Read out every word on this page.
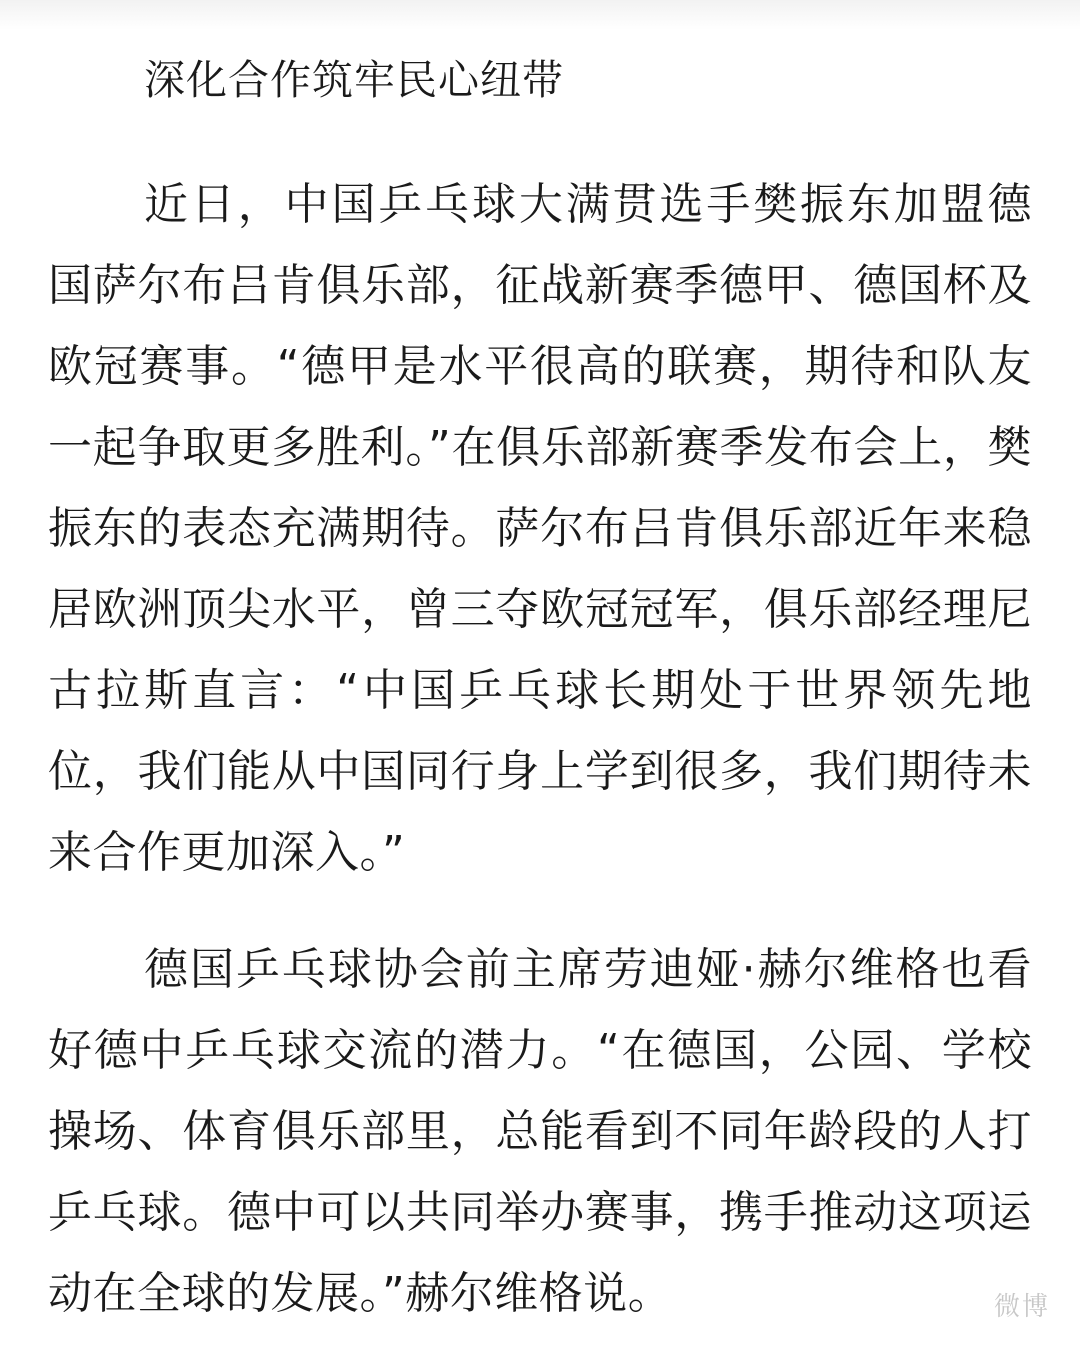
深化合作筑牢民心纽带

近日，中国乒乓球大满贯选手樊振东加盟德国萨尔布吕肯俱乐部，征战新赛季德甲、德国杯及欧冠赛事。“德甲是水平很高的联赛，期待和队友一起争取更多胜利。”在俱乐部新赛季发布会上，樊振东的表态充满期待。萨尔布吕肯俱乐部近年来稳居欧洲顶尖水平，曾三夺欧冠冠军，俱乐部经理尼古拉斯直言：“中国乒乓球长期处于世界领先地位，我们能从中国同行身上学到很多，我们期待未来合作更加深入。”

德国乒乓球协会前主席劳迪娅·赫尔维格也看好德中乒乓球交流的潜力。“在德国，公园、学校操场、体育俱乐部里，总能看到不同年龄段的人打乒乓球。德中可以共同举办赛事，携手推动这项运动在全球的发展。”赫尔维格说。	微博
